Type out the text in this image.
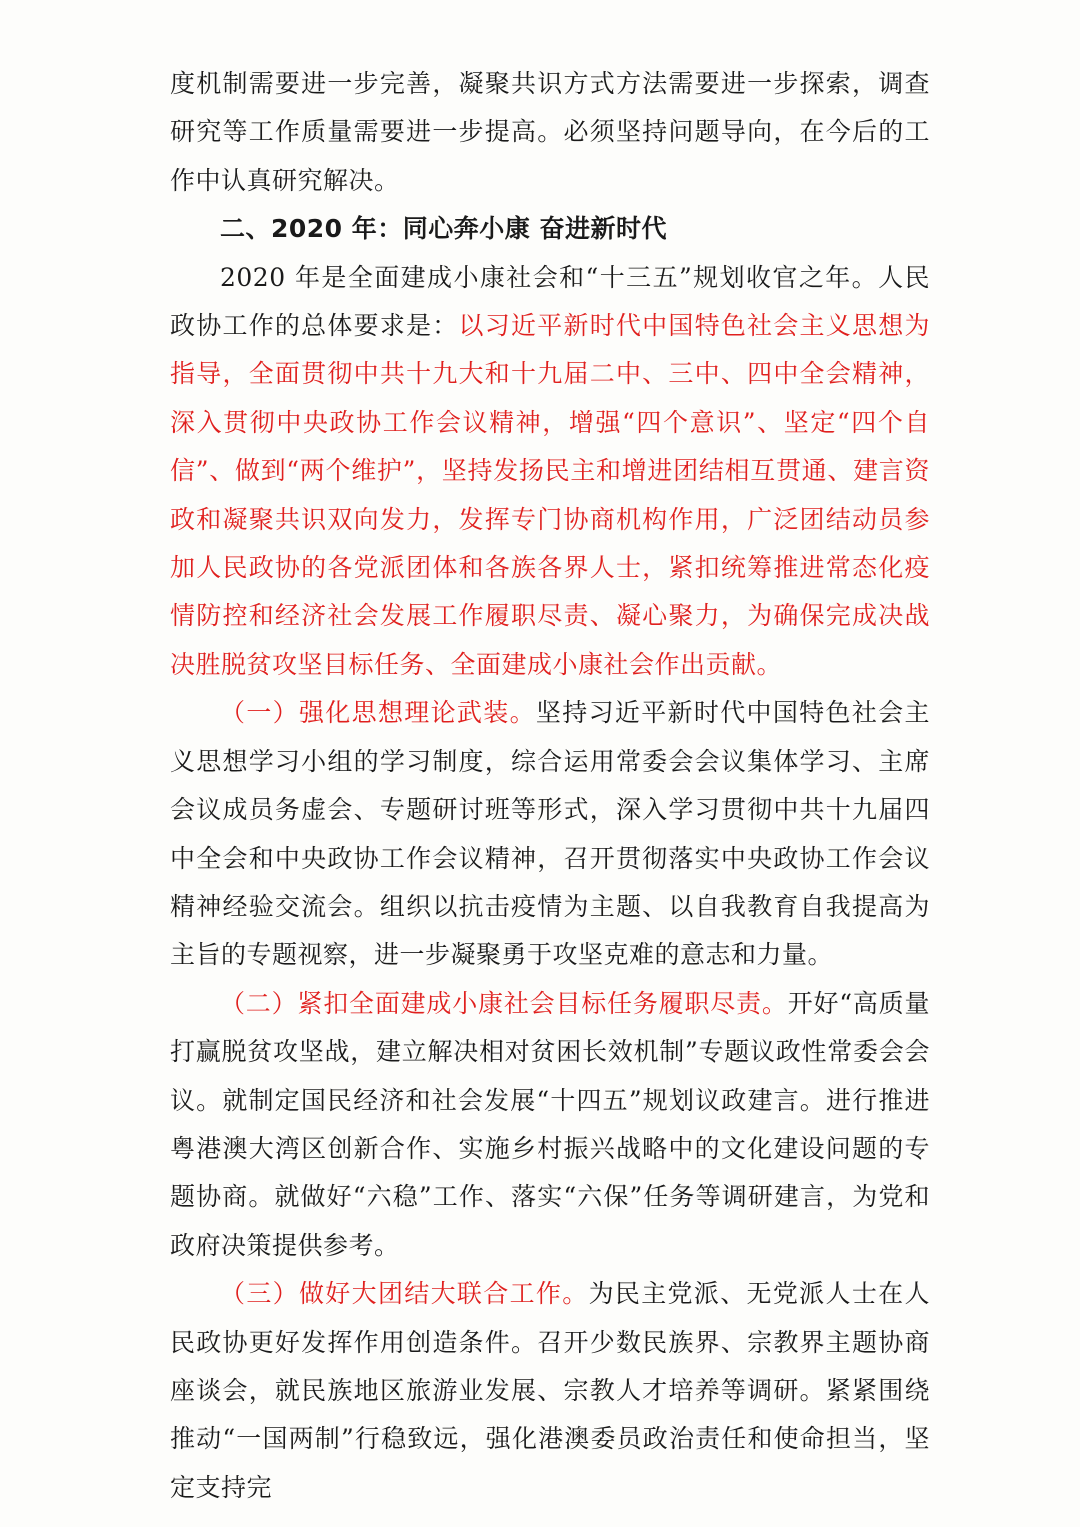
度机制需要进一步完善，凝聚共识方式方法需要进一步探索，调查研究等工作质量需要进一步提高。必须坚持问题导向，在今后的工作中认真研究解决。

二、2020 年：同心奔小康 奋进新时代

2020 年是全面建成小康社会和“十三五”规划收官之年。人民政协工作的总体要求是：以习近平新时代中国特色社会主义思想为指导，全面贯彻中共十九大和十九届二中、三中、四中全会精神，深入贯彻中央政协工作会议精神，增强“四个意识”、坚定“四个自信”、做到“两个维护”，坚持发扬民主和增进团结相互贯通、建言资政和凝聚共识双向发力，发挥专门协商机构作用，广泛团结动员参加人民政协的各党派团体和各族各界人士，紧扣统筹推进常态化疫情防控和经济社会发展工作履职尽责、凝心聚力，为确保完成决战决胜脱贫攻坚目标任务、全面建成小康社会作出贡献。

（一）强化思想理论武装。坚持习近平新时代中国特色社会主义思想学习小组的学习制度，综合运用常委会会议集体学习、主席会议成员务虚会、专题研讨班等形式，深入学习贯彻中共十九届四中全会和中央政协工作会议精神，召开贯彻落实中央政协工作会议精神经验交流会。组织以抗击疫情为主题、以自我教育自我提高为主旨的专题视察，进一步凝聚勇于攻坚克难的意志和力量。

（二）紧扣全面建成小康社会目标任务履职尽责。开好“高质量打赢脱贫攻坚战，建立解决相对贫困长效机制”专题议政性常委会会议。就制定国民经济和社会发展“十四五”规划议政建言。进行推进粤港澳大湾区创新合作、实施乡村振兴战略中的文化建设问题的专题协商。就做好“六稳”工作、落实“六保”任务等调研建言，为党和政府决策提供参考。

（三）做好大团结大联合工作。为民主党派、无党派人士在人民政协更好发挥作用创造条件。召开少数民族界、宗教界主题协商座谈会，就民族地区旅游业发展、宗教人才培养等调研。紧紧围绕推动“一国两制”行稳致远，强化港澳委员政治责任和使命担当，坚定支持完
